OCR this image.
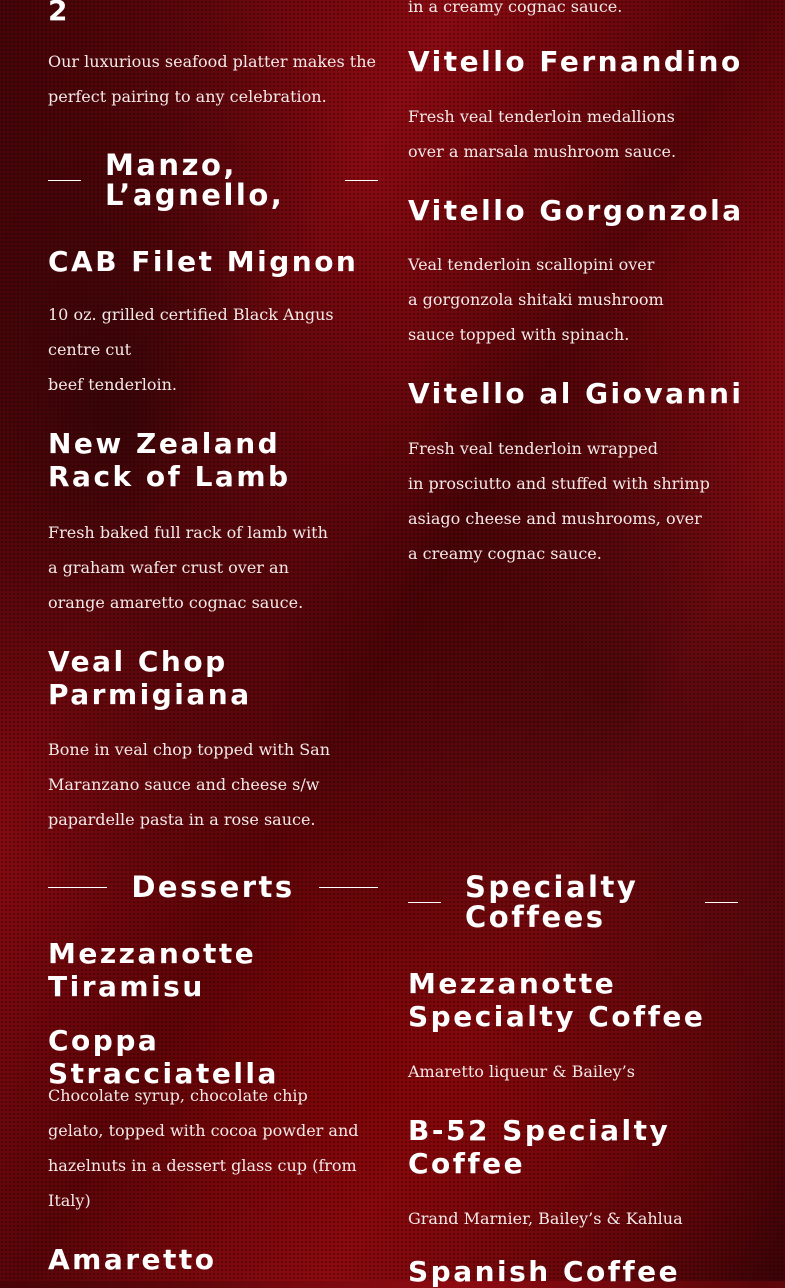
2

Our luxurious seafood platter makes the perfect pairing to any celebration.

Manzo, L’agnello,
CAB Filet Mignon

10 oz. grilled certified Black Angus centre cut

beef tenderloin.

New Zealand Rack of Lamb

Fresh baked full rack of lamb with a graham wafer crust over an orange amaretto cognac sauce.

Veal Chop Parmigiana

Bone in veal chop topped with San Maranzano sauce and cheese s/w papardelle pasta in a rose sauce.

Desserts
Mezzanotte Tiramisu
Coppa Stracciatella

Chocolate syrup, chocolate chip gelato, topped with cocoa powder and hazelnuts in a dessert glass cup (from Italy)

Amaretto

in a creamy cognac sauce.

Vitello Fernandino

Fresh veal tenderloin medallions over a marsala mushroom sauce.

Vitello Gorgonzola

Veal tenderloin scallopini over

a gorgonzola shitaki mushroom

sauce topped with spinach.

Vitello al Giovanni

Fresh veal tenderloin wrapped

in prosciutto and stuffed with shrimp asiago cheese and mushrooms, over a creamy cognac sauce.

Specialty Coffees
Mezzanotte Specialty Coffee

Amaretto liqueur & Bailey’s

B-52 Specialty Coffee

Grand Marnier, Bailey’s & Kahlua

Spanish Coffee
